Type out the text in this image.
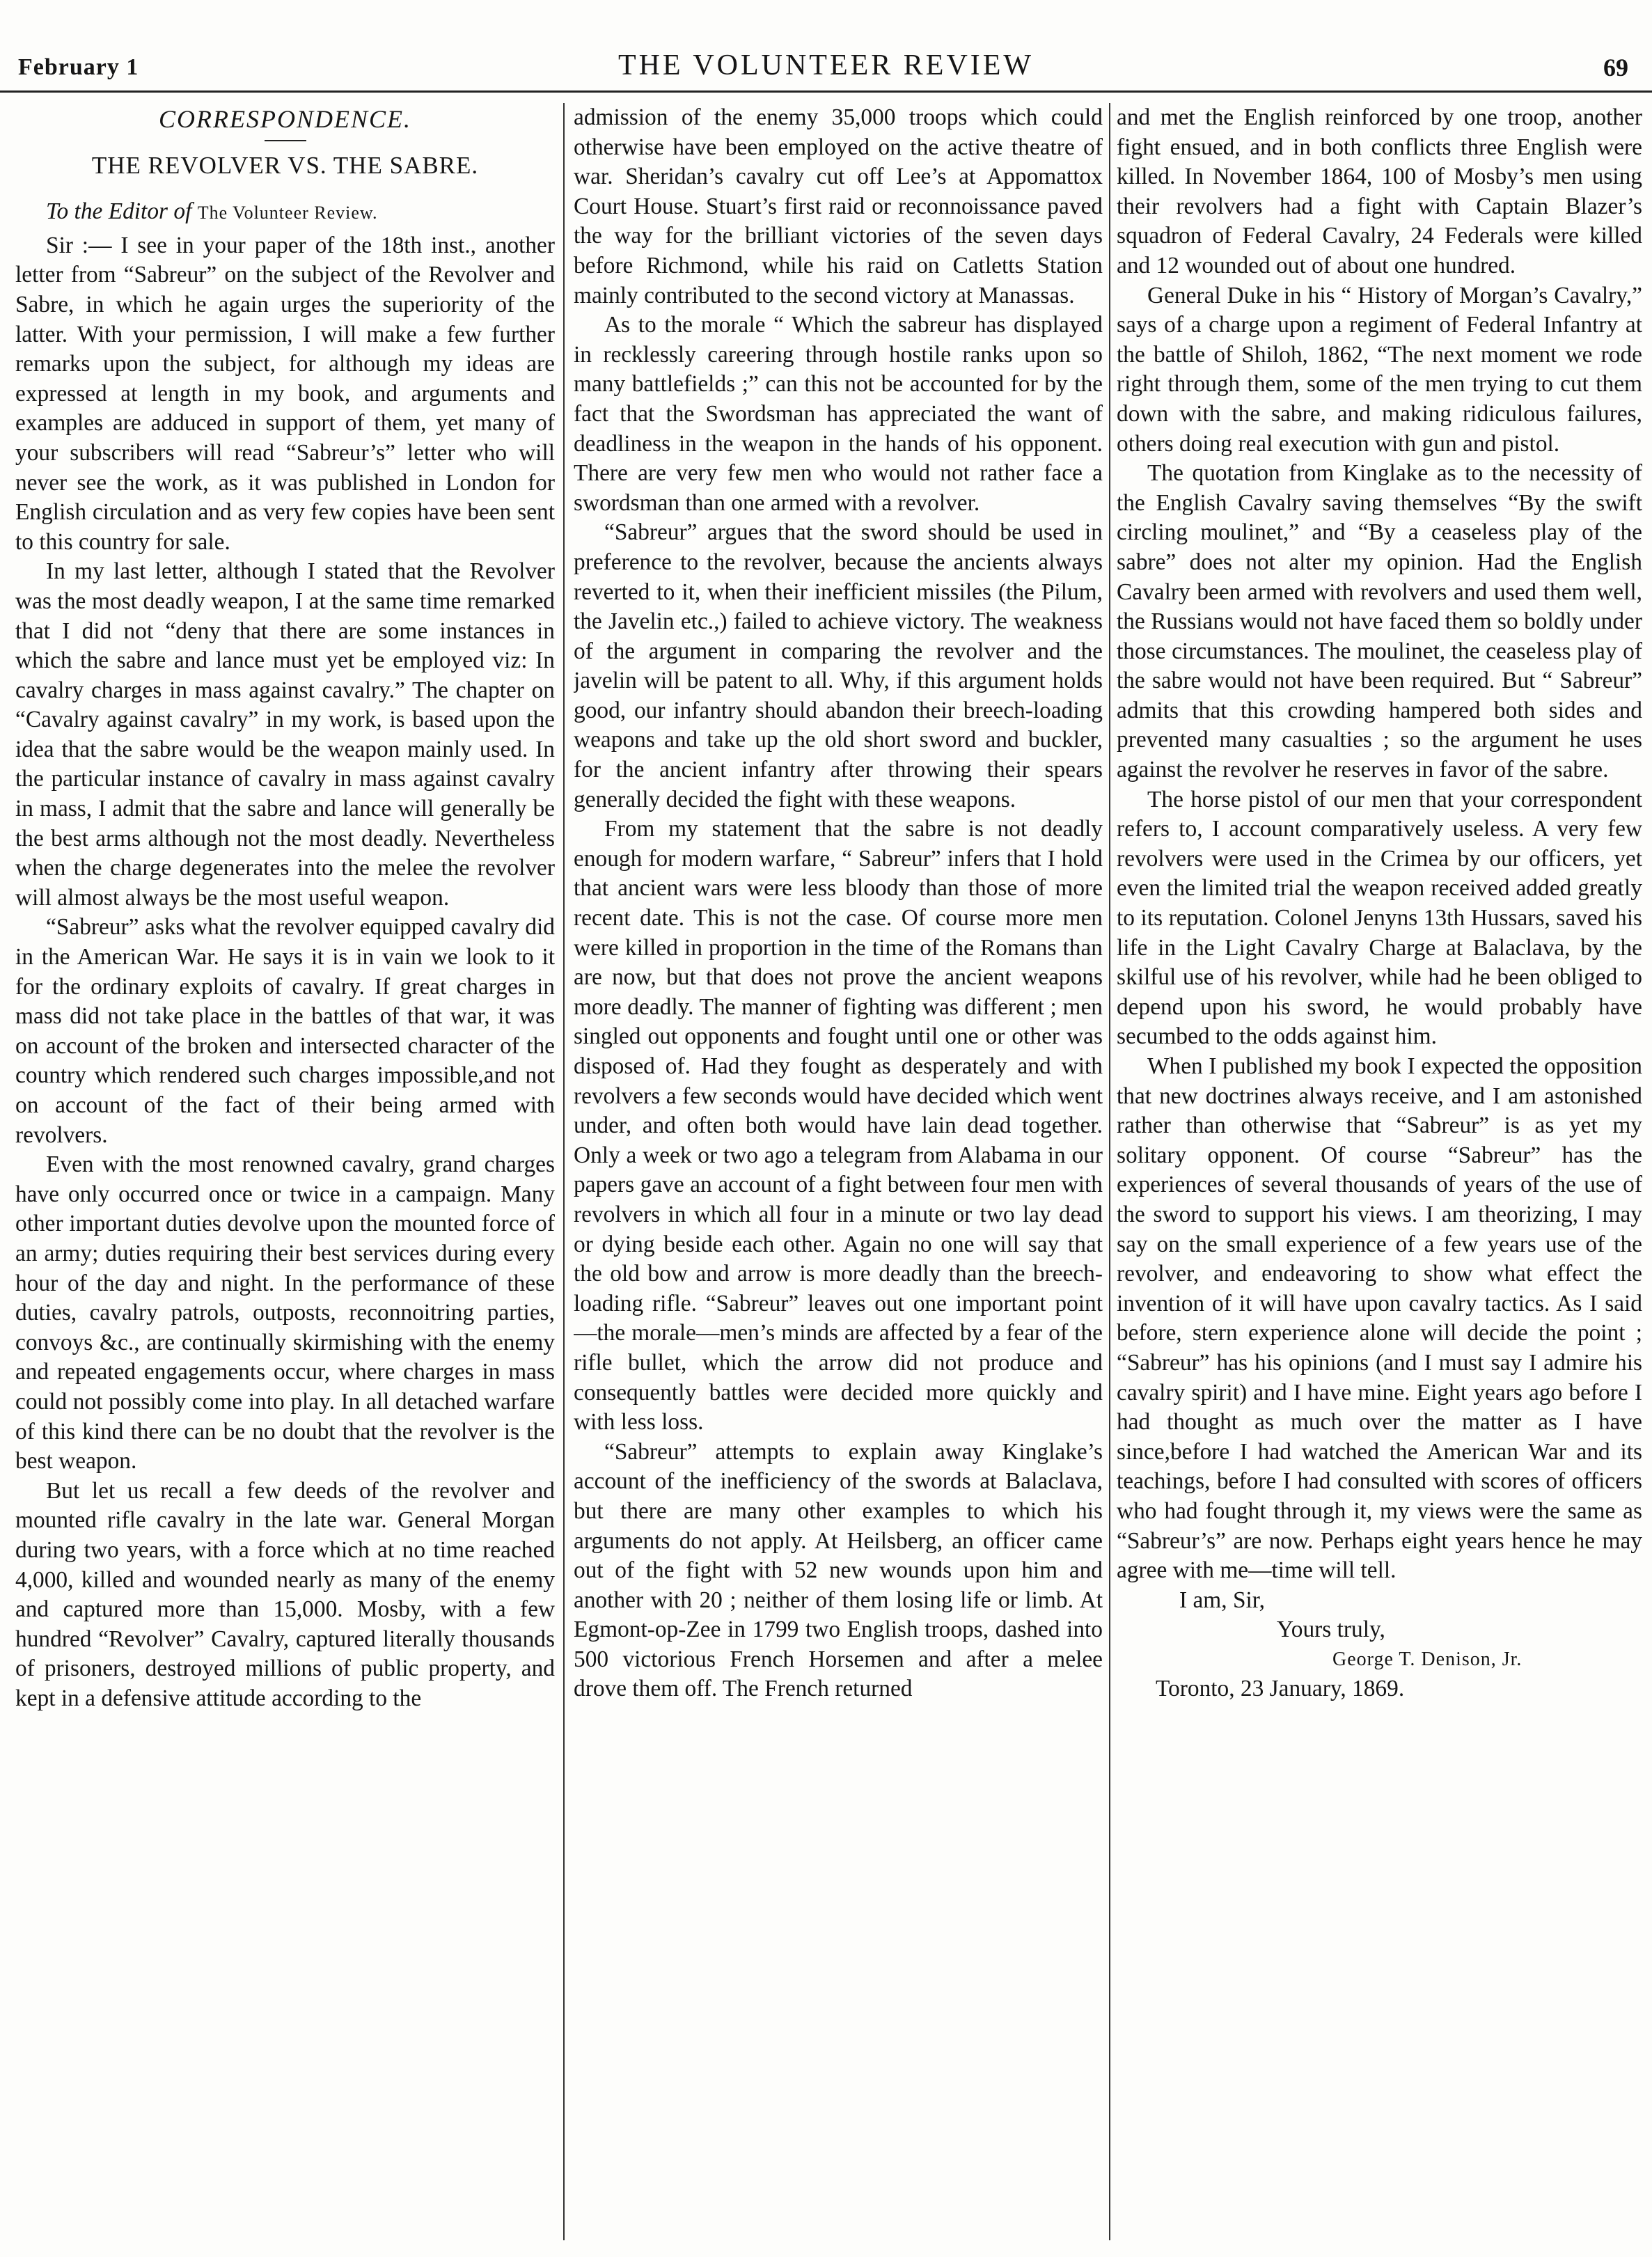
February 1	THE VOLUNTEER REVIEW	69
CORRESPONDENCE.
THE REVOLVER VS. THE SABRE.

To the Editor of The Volunteer Review.

Sir :— I see in your paper of the 18th inst., another letter from “Sabreur” on the subject of the Revolver and Sabre, in which he again urges the superiority of the latter. With your permission, I will make a few further remarks upon the subject, for although my ideas are expressed at length in my book, and arguments and examples are adduced in support of them, yet many of your subscribers will read “Sabreur’s” letter who will never see the work, as it was published in London for English circulation and as very few copies have been sent to this country for sale.

In my last letter, although I stated that the Revolver was the most deadly weapon, I at the same time remarked that I did not “deny that there are some instances in which the sabre and lance must yet be employed viz: In cavalry charges in mass against cavalry.” The chapter on “Cavalry against cavalry” in my work, is based upon the idea that the sabre would be the weapon mainly used. In the particular instance of cavalry in mass against cavalry in mass, I admit that the sabre and lance will generally be the best arms although not the most deadly. Nevertheless when the charge degenerates into the melee the revolver will almost always be the most useful weapon.

“Sabreur” asks what the revolver equipped cavalry did in the American War. He says it is in vain we look to it for the ordinary exploits of cavalry. If great charges in mass did not take place in the battles of that war, it was on account of the broken and intersected character of the country which rendered such charges impossible,and not on account of the fact of their being armed with revolvers.

Even with the most renowned cavalry, grand charges have only occurred once or twice in a campaign. Many other important duties devolve upon the mounted force of an army; duties requiring their best services during every hour of the day and night. In the performance of these duties, cavalry patrols, outposts, reconnoitring parties, convoys &c., are continually skirmishing with the enemy and repeated engagements occur, where charges in mass could not possibly come into play. In all detached warfare of this kind there can be no doubt that the revolver is the best weapon.

But let us recall a few deeds of the revolver and mounted rifle cavalry in the late war. General Morgan during two years, with a force which at no time reached 4,000, killed and wounded nearly as many of the enemy and captured more than 15,000. Mosby, with a few hundred “Revolver” Cavalry, captured literally thousands of prisoners, destroyed millions of public property, and kept in a defensive attitude according to the

admission of the enemy 35,000 troops which could otherwise have been employed on the active theatre of war. Sheridan’s cavalry cut off Lee’s at Appomattox Court House. Stuart’s first raid or reconnoissance paved the way for the brilliant victories of the seven days before Richmond, while his raid on Catletts Station mainly contributed to the second victory at Manassas.

As to the morale “ Which the sabreur has displayed in recklessly careering through hostile ranks upon so many battlefields ;” can this not be accounted for by the fact that the Swordsman has appreciated the want of deadliness in the weapon in the hands of his opponent. There are very few men who would not rather face a swordsman than one armed with a revolver.

“Sabreur” argues that the sword should be used in preference to the revolver, because the ancients always reverted to it, when their inefficient missiles (the Pilum, the Javelin etc.,) failed to achieve victory. The weakness of the argument in comparing the revolver and the javelin will be patent to all. Why, if this argument holds good, our infantry should abandon their breech-loading weapons and take up the old short sword and buckler, for the ancient infantry after throwing their spears generally decided the fight with these weapons.

From my statement that the sabre is not deadly enough for modern warfare, “ Sabreur” infers that I hold that ancient wars were less bloody than those of more recent date. This is not the case. Of course more men were killed in proportion in the time of the Romans than are now, but that does not prove the ancient weapons more deadly. The manner of fighting was different ; men singled out opponents and fought until one or other was disposed of. Had they fought as desperately and with revolvers a few seconds would have decided which went under, and often both would have lain dead together. Only a week or two ago a telegram from Alabama in our papers gave an account of a fight between four men with revolvers in which all four in a minute or two lay dead or dying beside each other. Again no one will say that the old bow and arrow is more deadly than the breech-loading rifle. “Sabreur” leaves out one important point—the morale—men’s minds are affected by a fear of the rifle bullet, which the arrow did not produce and consequently battles were decided more quickly and with less loss.

“Sabreur” attempts to explain away Kinglake’s account of the inefficiency of the swords at Balaclava, but there are many other examples to which his arguments do not apply. At Heilsberg, an officer came out of the fight with 52 new wounds upon him and another with 20 ; neither of them losing life or limb. At Egmont-op-Zee in 1799 two English troops, dashed into 500 victorious French Horsemen and after a melee drove them off. The French returned

and met the English reinforced by one troop, another fight ensued, and in both conflicts three English were killed. In November 1864, 100 of Mosby’s men using their revolvers had a fight with Captain Blazer’s squadron of Federal Cavalry, 24 Federals were killed and 12 wounded out of about one hundred.

General Duke in his “ History of Morgan’s Cavalry,” says of a charge upon a regiment of Federal Infantry at the battle of Shiloh, 1862, “The next moment we rode right through them, some of the men trying to cut them down with the sabre, and making ridiculous failures, others doing real execution with gun and pistol.

The quotation from Kinglake as to the necessity of the English Cavalry saving themselves “By the swift circling moulinet,” and “By a ceaseless play of the sabre” does not alter my opinion. Had the English Cavalry been armed with revolvers and used them well, the Russians would not have faced them so boldly under those circumstances. The moulinet, the ceaseless play of the sabre would not have been required. But “ Sabreur” admits that this crowding hampered both sides and prevented many casualties ; so the argument he uses against the revolver he reserves in favor of the sabre.

The horse pistol of our men that your correspondent refers to, I account comparatively useless. A very few revolvers were used in the Crimea by our officers, yet even the limited trial the weapon received added greatly to its reputation. Colonel Jenyns 13th Hussars, saved his life in the Light Cavalry Charge at Balaclava, by the skilful use of his revolver, while had he been obliged to depend upon his sword, he would probably have secumbed to the odds against him.

When I published my book I expected the opposition that new doctrines always receive, and I am astonished rather than otherwise that “Sabreur” is as yet my solitary opponent. Of course “Sabreur” has the experiences of several thousands of years of the use of the sword to support his views. I am theorizing, I may say on the small experience of a few years use of the revolver, and endeavoring to show what effect the invention of it will have upon cavalry tactics. As I said before, stern experience alone will decide the point ; “Sabreur” has his opinions (and I must say I admire his cavalry spirit) and I have mine. Eight years ago before I had thought as much over the matter as I have since,before I had watched the American War and its teachings, before I had consulted with scores of officers who had fought through it, my views were the same as “Sabreur’s” are now. Perhaps eight years hence he may agree with me—time will tell.

I am, Sir,

Yours truly,

George T. Denison, Jr.

Toronto, 23 January, 1869.
